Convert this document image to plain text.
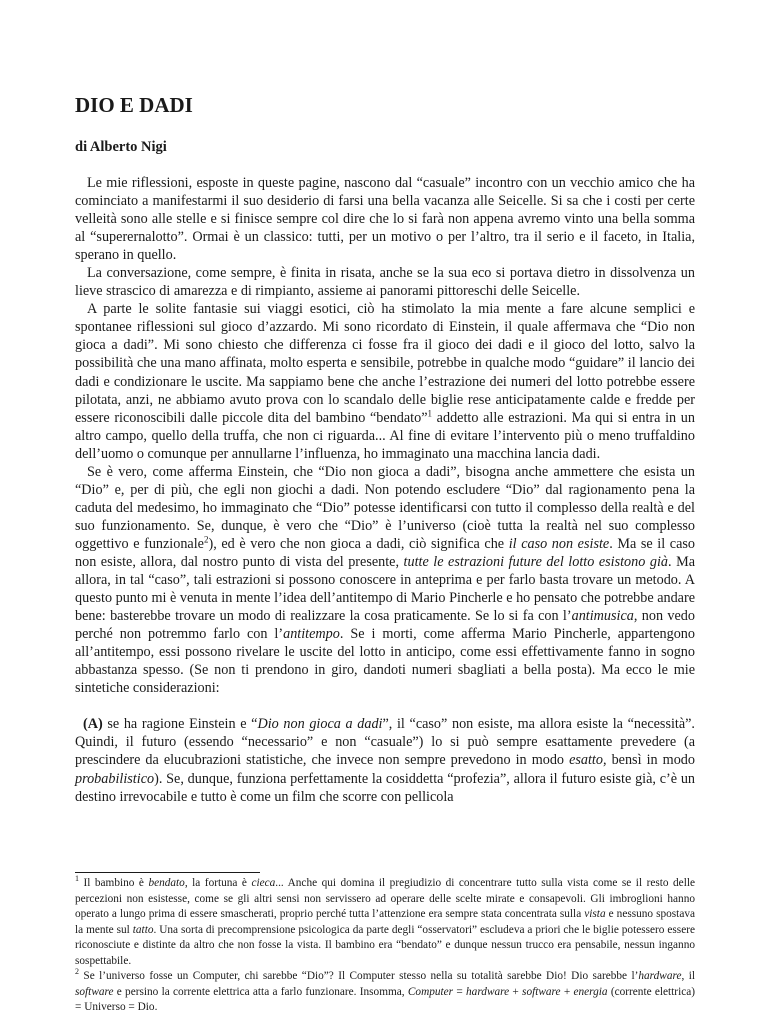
DIO E DADI
di Alberto Nigi

Le mie riflessioni, esposte in queste pagine, nascono dal “casuale” incontro con un vecchio amico che ha cominciato a manifestarmi il suo desiderio di farsi una bella vacanza alle Seicelle. Si sa che i costi per certe velleità sono alle stelle e si finisce sempre col dire che lo si farà non appena avremo vinto una bella somma al “superernalotto”. Ormai è un classico: tutti, per un motivo o per l’altro, tra il serio e il faceto, in Italia, sperano in quello.

La conversazione, come sempre, è finita in risata, anche se la sua eco si portava dietro in dissolvenza un lieve strascico di amarezza e di rimpianto, assieme ai panorami pittoreschi delle Seicelle.

A parte le solite fantasie sui viaggi esotici, ciò ha stimolato la mia mente a fare alcune semplici e spontanee riflessioni sul gioco d’azzardo. Mi sono ricordato di Einstein, il quale affermava che “Dio non gioca a dadi”. Mi sono chiesto che differenza ci fosse fra il gioco dei dadi e il gioco del lotto, salvo la possibilità che una mano affinata, molto esperta e sensibile, potrebbe in qualche modo “guidare” il lancio dei dadi e condizionare le uscite. Ma sappiamo bene che anche l’estrazione dei numeri del lotto potrebbe essere pilotata, anzi, ne abbiamo avuto prova con lo scandalo delle biglie rese anticipatamente calde e fredde per essere riconoscibili dalle piccole dita del bambino “bendato”$^1$ addetto alle estrazioni. Ma qui si entra in un altro campo, quello della truffa, che non ci riguarda... Al fine di evitare l’intervento più o meno truffaldino dell’uomo o comunque per annullarne l’influenza, ho immaginato una macchina lancia dadi.

Se è vero, come afferma Einstein, che “Dio non gioca a dadi”, bisogna anche ammettere che esista un “Dio” e, per di più, che egli non giochi a dadi. Non potendo escludere “Dio” dal ragionamento pena la caduta del medesimo, ho immaginato che “Dio” potesse identificarsi con tutto il complesso della realtà e del suo funzionamento. Se, dunque, è vero che “Dio” è l’universo (cioè tutta la realtà nel suo complesso oggettivo e funzionale$^2$), ed è vero che non gioca a dadi, ciò significa che il caso non esiste. Ma se il caso non esiste, allora, dal nostro punto di vista del presente, tutte le estrazioni future del lotto esistono già. Ma allora, in tal “caso”, tali estrazioni si possono conoscere in anteprima e per farlo basta trovare un metodo. A questo punto mi è venuta in mente l’idea dell’antitempo di Mario Pincherle e ho pensato che potrebbe andare bene: basterebbe trovare un modo di realizzare la cosa praticamente. Se lo si fa con l’antimusica, non vedo perché non potremmo farlo con l’antitempo. Se i morti, come afferma Mario Pincherle, appartengono all’antitempo, essi possono rivelare le uscite del lotto in anticipo, come essi effettivamente fanno in sogno abbastanza spesso. (Se non ti prendono in giro, dandoti numeri sbagliati a bella posta). Ma ecco le mie sintetiche considerazioni:

(A) se ha ragione Einstein e “Dio non gioca a dadi”, il “caso” non esiste, ma allora esiste la “necessità”. Quindi, il futuro (essendo “necessario” e non “casuale”) lo si può sempre esattamente prevedere (a prescindere da elucubrazioni statistiche, che invece non sempre prevedono in modo esatto, bensì in modo probabilistico). Se, dunque, funziona perfettamente la cosiddetta “profezia”, allora il futuro esiste già, c’è un destino irrevocabile e tutto è come un film che scorre con pellicola

$^1$ Il bambino è bendato, la fortuna è cieca... Anche qui domina il pregiudizio di concentrare tutto sulla vista come se il resto delle percezioni non esistesse, come se gli altri sensi non servissero ad operare delle scelte mirate e consapevoli. Gli imbroglioni hanno operato a lungo prima di essere smascherati, proprio perché tutta l’attenzione era sempre stata concentrata sulla vista e nessuno spostava la mente sul tatto. Una sorta di precomprensione psicologica da parte degli “osservatori” escludeva a priori che le biglie potessero essere riconosciute e distinte da altro che non fosse la vista. Il bambino era “bendato” e dunque nessun trucco era pensabile, nessun inganno sospettabile.

$^2$ Se l’universo fosse un Computer, chi sarebbe “Dio”? Il Computer stesso nella su totalità sarebbe Dio! Dio sarebbe l’hardware, il software e persino la corrente elettrica atta a farlo funzionare. Insomma, Computer = hardware + software + energia (corrente elettrica) = Universo = Dio.
